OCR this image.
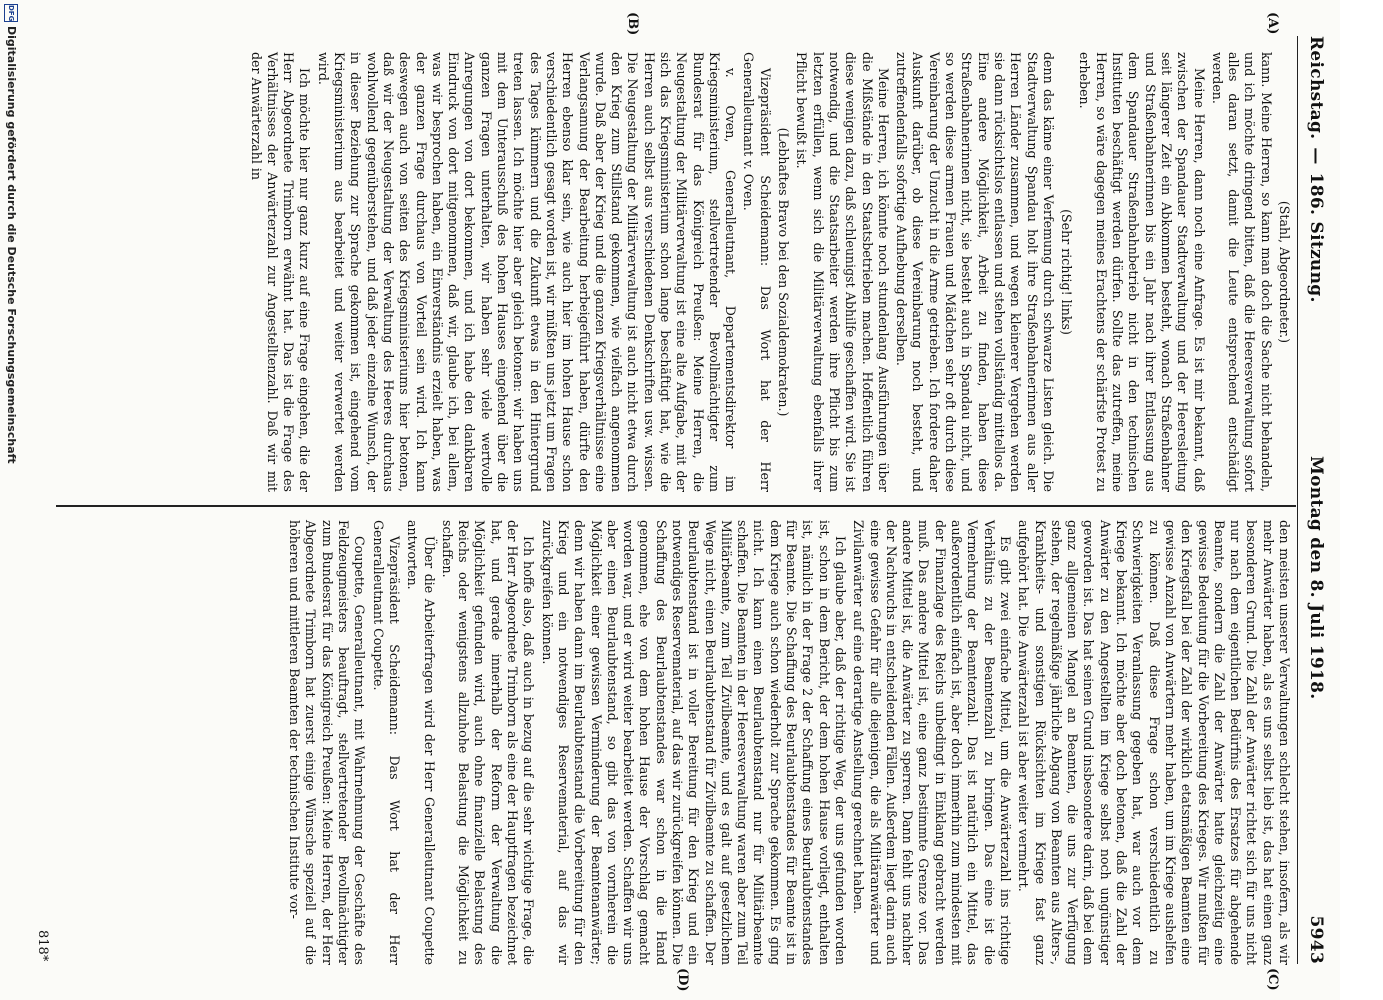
Reichstag.—186. Sitzung.
Montag den 8. Juli 1918.
5943
(A)
(B)
(C)
(D)

(Stahl, Abgeordneter.)

kann. Meine Herren, so kann man doch die Sache nicht behandeln, und ich möchte dringend bitten, daß die Heeresverwaltung sofort alles daran setzt, damit die Leute entsprechend entschädigt werden.

Meine Herren, dann noch eine Anfrage. Es ist mir bekannt, daß zwischen der Spandauer Stadtverwaltung und der Heeresleitung seit längerer Zeit ein Abkommen besteht, wonach Straßenbahner und Straßenbahnerinnen bis ein Jahr nach ihrer Entlassung aus dem Spandauer Straßenbahnbetrieb nicht in den technischen Instituten beschäftigt werden dürfen. Sollte das zutreffen, meine Herren, so wäre dagegen meines Erachtens der schärfste Protest zu erheben.

(Sehr richtig! links)

denn das käme einer Verfemung durch schwarze Listen gleich. Die Stadtverwaltung Spandau holt ihre Straßenbahnerinnen aus aller Herren Länder zusammen, und wegen kleinerer Vergehen werden sie dann rücksichtslos entlassen und stehen vollständig mittellos da. Eine andere Möglichkeit, Arbeit zu finden, haben diese Straßenbahnerinnen nicht, sie besteht auch in Spandau nicht, und so werden diese armen Frauen und Mädchen sehr oft durch diese Vereinbarung der Unzucht in die Arme getrieben. Ich fordere daher Auskunft darüber, ob diese Vereinbarung noch besteht, und zutreffendenfalls sofortige Aufhebung derselben.

Meine Herren, ich könnte noch stundenlang Ausführungen über die Mißstände in den Staatsbetrieben machen. Hoffentlich führen diese wenigen dazu, daß schleunigst Abhilfe geschaffen wird. Sie ist notwendig, und die Staatsarbeiter werden ihre Pflicht bis zum letzten erfüllen, wenn sich die Militärverwaltung ebenfalls ihrer Pflicht bewußt ist.

(Lebhaftes Bravo bei den Sozialdemokraten.)

Vizepräsident Scheidemann: Das Wort hat der Herr Generalleutnant v. Oven.

v. Oven, Generalleutnant, Departementsdirektor im Kriegsministerium, stellvertretender Bevollmächtigter zum Bundesrat für das Königreich Preußen: Meine Herren, die Neugestaltung der Militärverwaltung ist eine alte Aufgabe, mit der sich das Kriegsministerium schon lange beschäftigt hat, wie die Herren auch selbst aus verschiedenen Denkschriften usw. wissen. Die Neugestaltung der Militärverwaltung ist auch nicht etwa durch den Krieg zum Stillstand gekommen, wie vielfach angenommen wurde. Daß aber der Krieg und die ganzen Kriegsverhältnisse eine Verlangsamung der Bearbeitung herbeigeführt haben, dürfte den Herren ebenso klar sein, wie auch hier im hohen Hause schon verschiedentlich gesagt worden ist, wir müßten uns jetzt um Fragen des Tages kümmern und die Zukunft etwas in den Hintergrund treten lassen. Ich möchte hier aber gleich betonen: wir haben uns mit dem Unterausschuß des hohen Hauses eingehend über die ganzen Fragen unterhalten, wir haben sehr viele wertvolle Anregungen von dort bekommen, und ich habe den dankbaren Eindruck von dort mitgenommen, daß wir, glaube ich, bei allem, was wir besprochen haben, ein Einverständnis erzielt haben, was der ganzen Frage durchaus von Vorteil sein wird. Ich kann deswegen auch von seiten des Kriegsministeriums hier betonen, daß wir der Neugestaltung der Verwaltung des Heeres durchaus wohlwollend gegenüberstehen, und daß jeder einzelne Wunsch, der in dieser Beziehung zur Sprache gekommen ist, eingehend vom Kriegsministerium aus bearbeitet und weiter verwertet werden wird.

Ich möchte hier nur ganz kurz auf eine Frage eingehen, die der Herr Abgeordnete Trimborn erwähnt hat. Das ist die Frage des Verhältnisses der Anwärterzahl zur Angestelltenzahl. Daß wir mit der Anwärterzahl in

den meisten unserer Verwaltungen schlecht stehen, insofern, als wir mehr Anwärter haben, als es uns selbst lieb ist, das hat einen ganz besonderen Grund. Die Zahl der Anwärter richtet sich für uns nicht nur nach dem eigentlichen Bedürfnis des Ersatzes für abgehende Beamte, sondern die Zahl der Anwärter hatte gleichzeitig eine gewisse Bedeutung für die Vorbereitung des Krieges. Wir mußten für den Kriegsfall bei der Zahl der wirklich etatsmäßigen Beamten eine gewisse Anzahl von Anwärtern mehr haben, um im Kriege aushelfen zu können. Daß diese Frage schon verschiedentlich zu Schwierigkeiten Veranlassung gegeben hat, war auch vor dem Kriege bekannt. Ich möchte aber doch betonen, daß die Zahl der Anwärter zu den Angestellten im Kriege selbst noch ungünstiger geworden ist. Das hat seinen Grund insbesondere darin, daß bei dem ganz allgemeinen Mangel an Beamten, die uns zur Verfügung stehen, der regelmäßige jährliche Abgang von Beamten aus Alters-, Krankheits- und sonstigen Rücksichten im Kriege fast ganz aufgehört hat. Die Anwärterzahl ist aber weiter vermehrt.

Es gibt zwei einfache Mittel, um die Anwärterzahl ins richtige Verhältnis zu der Beamtenzahl zu bringen. Das eine ist die Vermehrung der Beamtenzahl. Das ist natürlich ein Mittel, das außerordentlich einfach ist, aber doch immerhin zum mindesten mit der Finanzlage des Reichs unbedingt in Einklang gebracht werden muß. Das andere Mittel ist, eine ganz bestimmte Grenze vor. Das andere Mittel ist, die Anwärter zu sperren. Dann fehlt uns nachher der Nachwuchs in entscheidenden Fällen. Außerdem liegt darin auch eine gewisse Gefahr für alle diejenigen, die als Militäranwärter und Zivilanwärter auf eine derartige Anstellung gerechnet haben.

Ich glaube aber, daß der richtige Weg, der uns gefunden worden ist, schon in dem Bericht, der dem hohen Hause vorliegt, enthalten ist, nämlich in der Frage 2 der Schaffung eines Beurlaubtenstandes für Beamte. Die Schaffung des Beurlaubtenstandes für Beamte ist in dem Kriege auch schon wiederholt zur Sprache gekommen. Es ging nicht. Ich kann einen Beurlaubtenstand nur für Militärbeamte schaffen. Die Beamten in der Heeresverwaltung waren aber zum Teil Militärbeamte, zum Teil Zivilbeamte, und es galt auf gesetzlichem Wege nicht, einen Beurlaubtenstand für Zivilbeamte zu schaffen. Der Beurlaubtenstand ist in voller Bereitung für den Krieg und ein notwendiges Reservematerial, auf das wir zurückgreifen können. Die Schaffung des Beurlaubtenstandes war schon in die Hand genommen, ehe von dem hohen Hause der Vorschlag gemacht worden war, und er wird weiter bearbeitet werden. Schaffen wir uns aber einen Beurlaubtenstand, so gibt das von vornherein die Möglichkeit einer gewissen Verminderung der Beamtenanwärter; denn wir haben dann im Beurlaubtenstand die Vorbereitung für den Krieg und ein notwendiges Reservematerial, auf das wir zurückgreifen können.

Ich hoffe also, daß auch in bezug auf die sehr wichtige Frage, die der Herr Abgeordnete Trimborn als eine der Hauptfragen bezeichnet hat, und gerade innerhalb der Reform der Verwaltung die Möglichkeit gefunden wird, auch ohne finanzielle Belastung des Reichs oder wenigstens allzuhohe Belastung die Möglichkeit zu schaffen.

Über die Arbeiterfragen wird der Herr Generalleutnant Coupette antworten.

Vizepräsident Scheidemann: Das Wort hat der Herr Generalleutnant Coupette.

Coupette, Generalleutnant, mit Wahrnehmung der Geschäfte des Feldzeugmeisters beauftragt, stellvertretender Bevollmächtigter zum Bundesrat für das Königreich Preußen: Meine Herren, der Herr Abgeordnete Trimborn hat zuerst einige Wünsche speziell auf die höheren und mittleren Beamten der technischen Institute vor-

818*
DFG
Digitalisierung gefördert durch die Deutsche Forschungsgemeinschaft
